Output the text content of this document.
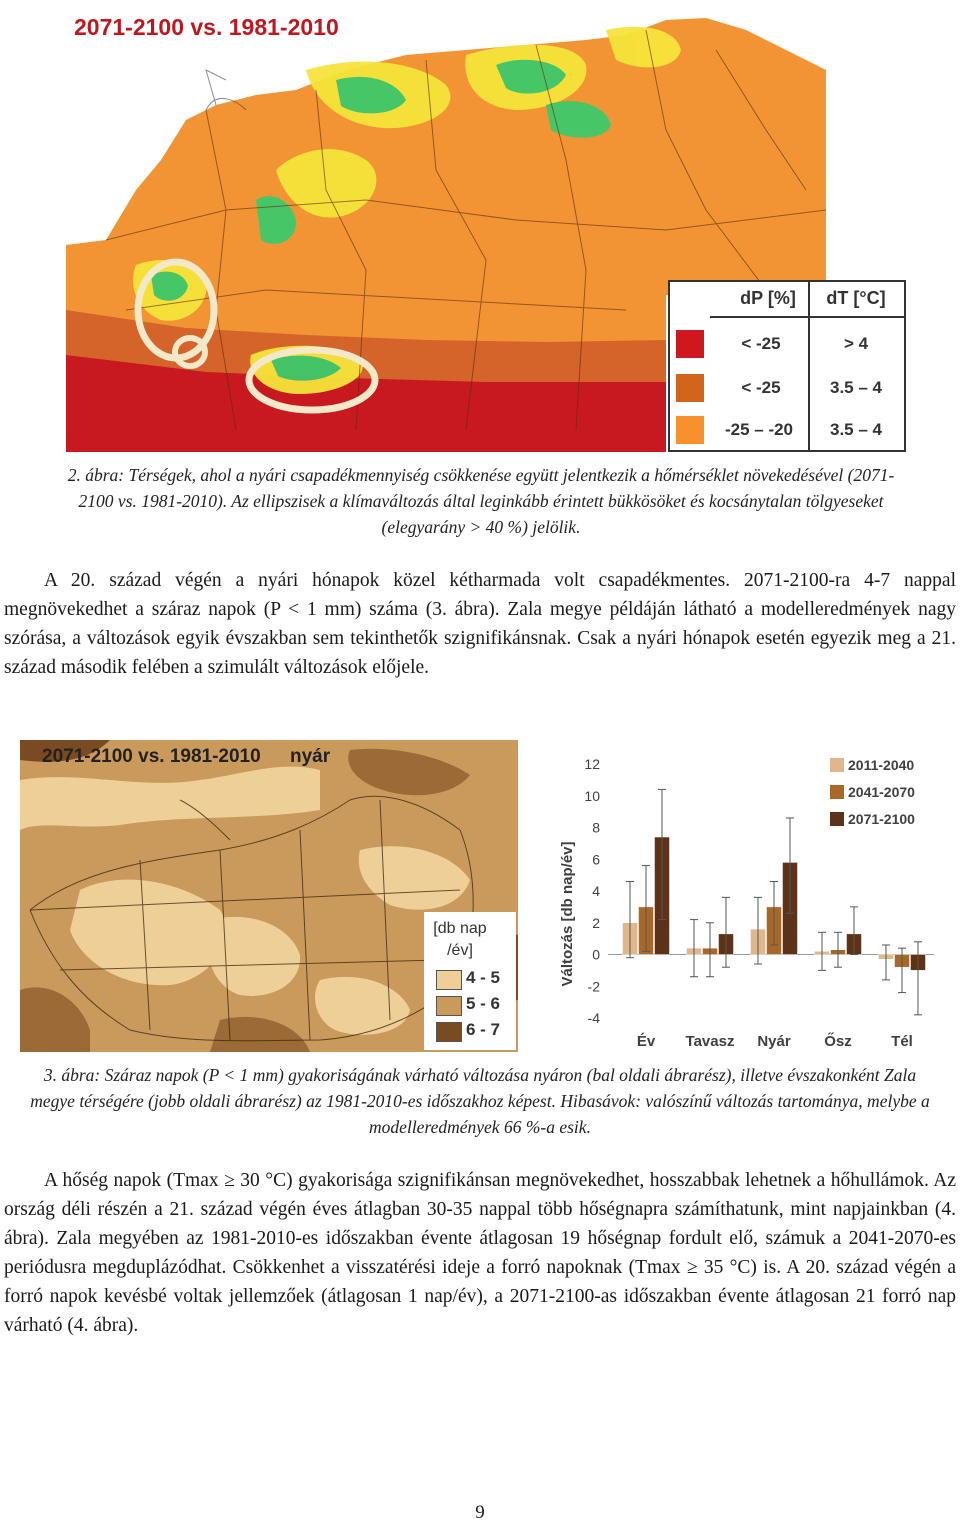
2071-2100 vs. 1981-2010
dP [%]	dT [°C]
< -25	> 4
< -25	3.5 – 4
-25 – -20	3.5 – 4
2. ábra: Térségek, ahol a nyári csapadékmennyiség csökkenése együtt jelentkezik a hőmérséklet növekedésével (2071-2100 vs. 1981-2010). Az ellipszisek a klímaváltozás által leginkább érintett bükkösöket és kocsánytalan tölgyeseket (elegyarány > 40 %) jelölik.
A 20. század végén a nyári hónapok közel kétharmada volt csapadékmentes. 2071-2100-ra 4-7 nappal megnövekedhet a száraz napok (P < 1 mm) száma (3. ábra). Zala megye példáján látható a modelleredmények nagy szórása, a változások egyik évszakban sem tekinthetők szignifikánsnak. Csak a nyári hónapok esetén egyezik meg a 21. század második felében a szimulált változások előjele.
2071-2100 vs. 1981-2010 nyár
[db nap /év]
4 - 5
5 - 6
6 - 7
12
10
8
6
4
2
0
-2
-4
Év Tavasz Nyár Ősz	Tél
2011-2040
2041-2070
2071-2100
Változás [db nap/év]
3. ábra: Száraz napok (P < 1 mm) gyakoriságának várható változása nyáron (bal oldali ábrarész), illetve évszakonként Zala megye térségére (jobb oldali ábrarész) az 1981-2010-es időszakhoz képest. Hibasávok: valószínű változás tartománya, melybe a modelleredmények 66 %-a esik.
A hőség napok (Tmax ≥ 30 °C) gyakorisága szignifikánsan megnövekedhet, hosszabbak lehetnek a hőhullámok. Az ország déli részén a 21. század végén éves átlagban 30-35 nappal több hőségnapra számíthatunk, mint napjainkban (4. ábra). Zala megyében az 1981-2010-es időszakban évente átlagosan 19 hőségnap fordult elő, számuk a 2041-2070-es periódusra megduplázódhat. Csökkenhet a visszatérési ideje a forró napoknak (Tmax ≥ 35 °C) is. A 20. század végén a forró napok kevésbé voltak jellemzőek (átlagosan 1 nap/év), a 2071-2100-as időszakban évente átlagosan 21 forró nap várható (4. ábra).
9
